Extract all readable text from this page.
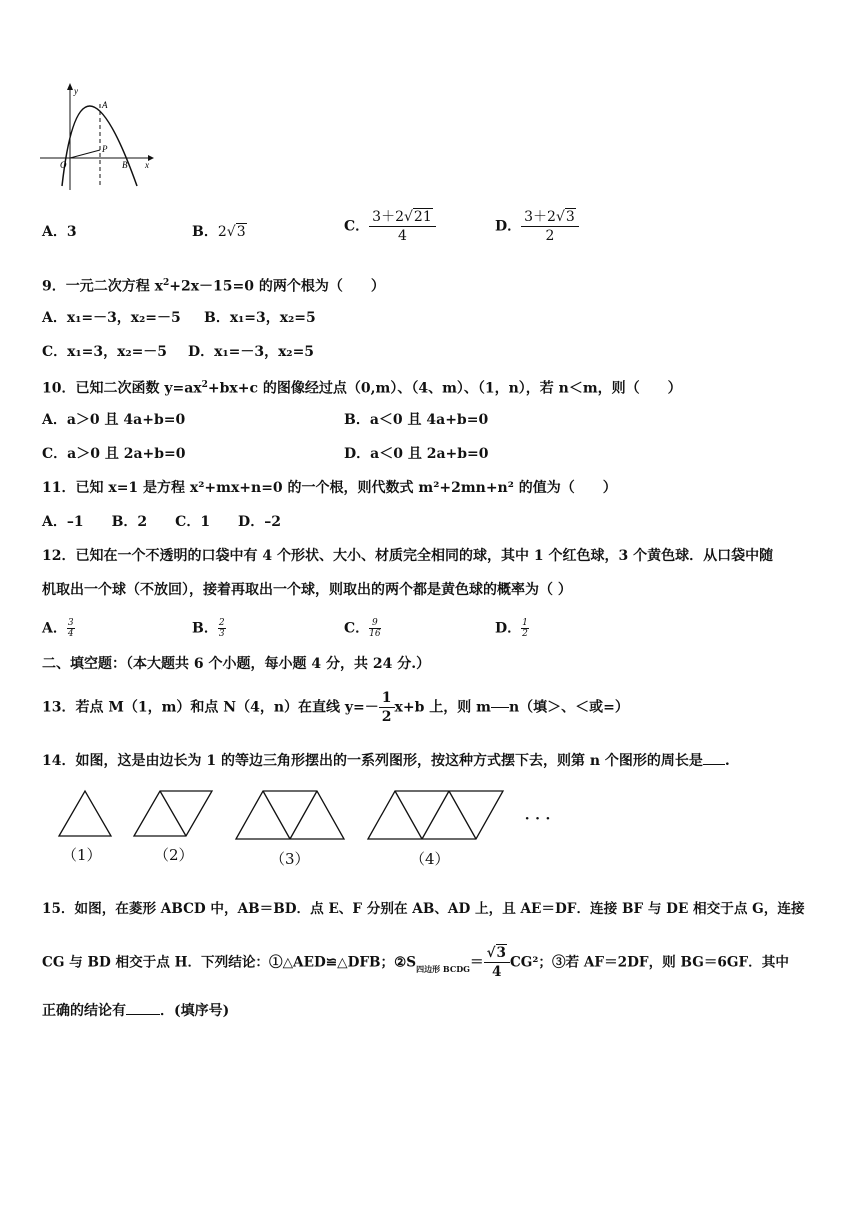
y
A
P
O	B x
A．3	B．2√3	C． $\frac{3+2√21}{4}$	D． $\frac{3+2√3}{2}$
9．一元二次方程 $x^2+2x-15=0$ 的两个根为（　　）
A．x₁=－3，x₂=－5 B．x₁=3，x₂=5
C．x₁=3，x₂=－5 D．x₁=－3，x₂=5
10．已知二次函数 $y=ax^2+bx+c$ 的图像经过点（0,m）、（4、m）、（1，n），若 n＜m，则（　　）
A．a＞0 且 4a+b=0	B．a＜0 且 4a+b=0
C．a＞0 且 2a+b=0	D．a＜0 且 2a+b=0
11．已知 x=1 是方程 x²+mx+n=0 的一个根，则代数式 m²+2mn+n² 的值为（　　）
A．–1　　B．2　　C．1　　D．–2
12．已知在一个不透明的口袋中有 4 个形状、大小、材质完全相同的球，其中 1 个红色球，3 个黄色球．从口袋中随
机取出一个球（不放回），接着再取出一个球，则取出的两个都是黄色球的概率为（ ）
A． $\frac{3}{4}$	B． $\frac{2}{3}$	C． $\frac{9}{16}$	D． $\frac{1}{2}$
二、填空题：（本大题共 6 个小题，每小题 4 分，共 24 分.）
13．若点 M（1，m）和点 N（4，n）在直线 $y=- \frac{1}{2} x+b$ 上，则 m n（填＞、＜或=）
14．如图，这是由边长为 1 的等边三角形摆出的一系列图形，按这种方式摆下去，则第 n 个图形的周长是 .
（1）	（2）	（3）	（4）
···
15．如图，在菱形 ABCD 中，AB＝BD．点 E、F 分别在 AB、AD 上，且 AE＝DF．连接 BF 与 DE 相交于点 G，连接
CG 与 BD 相交于点 H．下列结论：①△AED≌△DFB；$②S_{四边形 BCDG}= \frac{√3}{4} CG^2$；③若 AF＝2DF，则 BG＝6GF．其中
正确的结论有 ．(填序号)
